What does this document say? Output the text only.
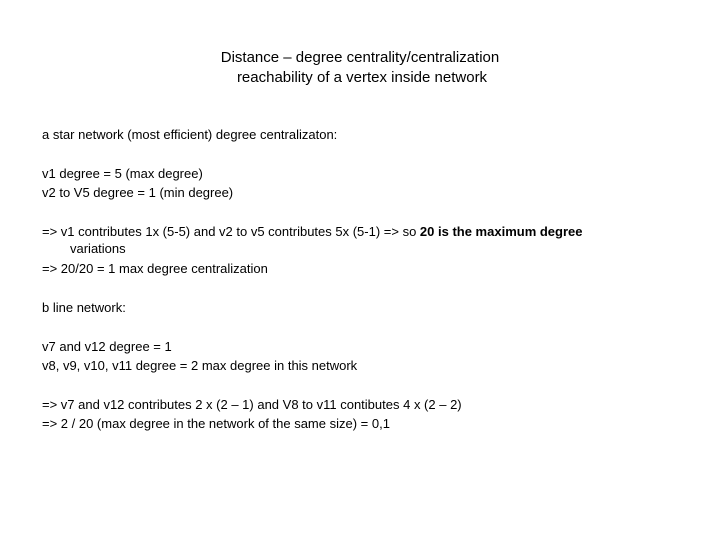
Distance – degree centrality/centralization
reachability of a vertex inside network

a star network (most efficient) degree centralizaton:

v1 degree = 5 (max degree)

v2 to V5 degree = 1 (min degree)

=> v1 contributes 1x (5-5) and v2 to v5 contributes 5x (5-1) => so 20 is the maximum degree

variations

=> 20/20 = 1 max degree centralization

b line network:

v7 and v12 degree = 1

v8, v9, v10, v11 degree = 2 max degree in this network

=> v7 and v12 contributes 2 x (2 – 1) and V8 to v11 contibutes 4 x (2 – 2)

=> 2 / 20 (max degree in the network of the same size) = 0,1
